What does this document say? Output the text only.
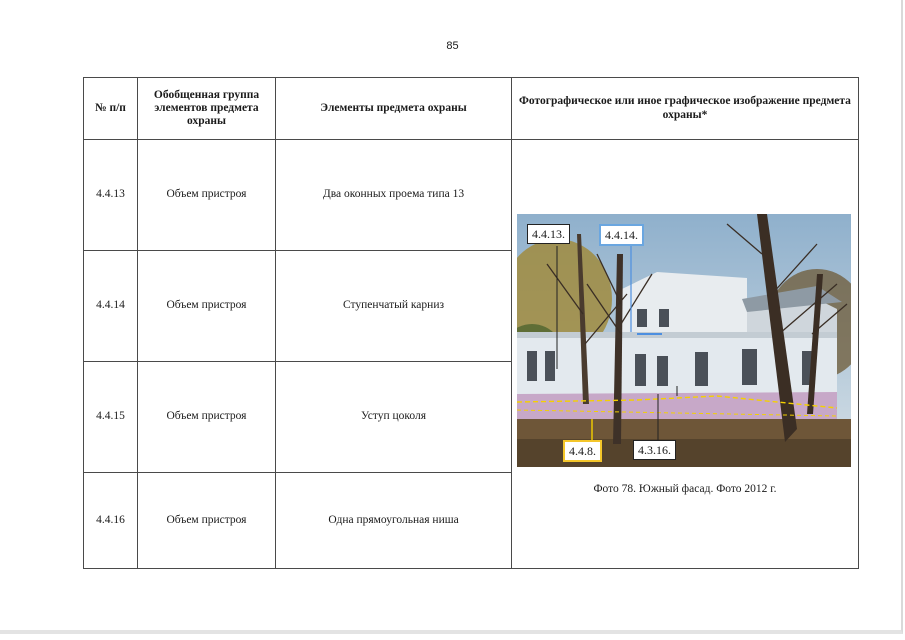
85
№ п/п	Обобщенная группа элементов предмета охраны	Элементы предмета охраны	Фотографическое или иное графическое изображение предмета охраны*
4.4.13	Объем пристроя	Два оконных проема типа 13	4.4.13. 4.4.14.
4.4.8. 4.3.16.
Фото 78. Южный фасад. Фото 2012 г.

4.4.14	Объем пристроя	Ступенчатый карниз	
4.4.15	Объем пристроя	Уступ цоколя	
4.4.16	Объем пристроя	Одна прямоугольная ниша	
